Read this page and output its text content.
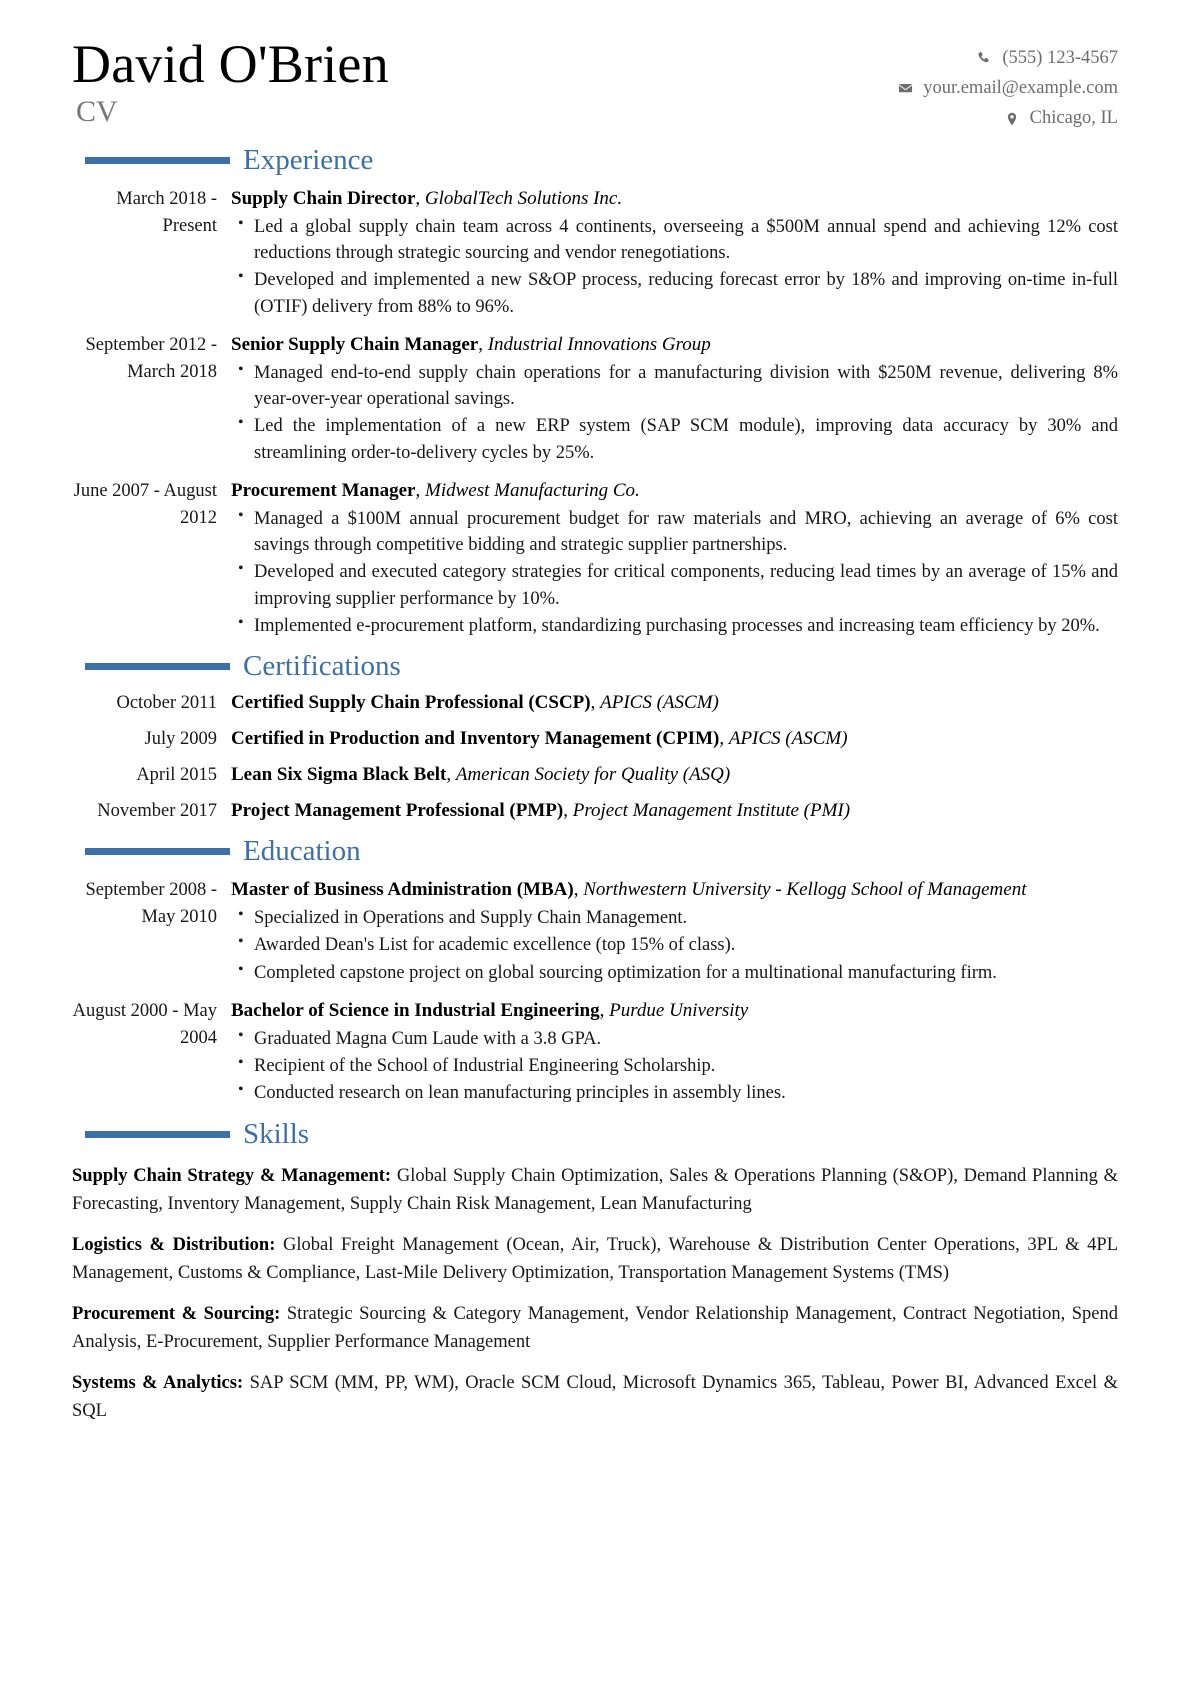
David O'Brien
CV
(555) 123-4567
your.email@example.com
Chicago, IL
Experience
March 2018 - Present
Supply Chain Director, GlobalTech Solutions Inc.
• Led a global supply chain team across 4 continents, overseeing a $500M annual spend and achieving 12% cost reductions through strategic sourcing and vendor renegotiations.
• Developed and implemented a new S&OP process, reducing forecast error by 18% and improving on-time in-full (OTIF) delivery from 88% to 96%.
September 2012 - March 2018
Senior Supply Chain Manager, Industrial Innovations Group
• Managed end-to-end supply chain operations for a manufacturing division with $250M revenue, delivering 8% year-over-year operational savings.
• Led the implementation of a new ERP system (SAP SCM module), improving data accuracy by 30% and streamlining order-to-delivery cycles by 25%.
June 2007 - August 2012
Procurement Manager, Midwest Manufacturing Co.
• Managed a $100M annual procurement budget for raw materials and MRO, achieving an average of 6% cost savings through competitive bidding and strategic supplier partnerships.
• Developed and executed category strategies for critical components, reducing lead times by an average of 15% and improving supplier performance by 10%.
• Implemented e-procurement platform, standardizing purchasing processes and increasing team efficiency by 20%.
Certifications
October 2011 Certified Supply Chain Professional (CSCP), APICS (ASCM)
July 2009 Certified in Production and Inventory Management (CPIM), APICS (ASCM)
April 2015 Lean Six Sigma Black Belt, American Society for Quality (ASQ)
November 2017 Project Management Professional (PMP), Project Management Institute (PMI)
Education
September 2008 - May 2010
Master of Business Administration (MBA), Northwestern University - Kellogg School of Management
• Specialized in Operations and Supply Chain Management.
• Awarded Dean's List for academic excellence (top 15% of class).
• Completed capstone project on global sourcing optimization for a multinational manufacturing firm.
August 2000 - May 2004
Bachelor of Science in Industrial Engineering, Purdue University
• Graduated Magna Cum Laude with a 3.8 GPA.
• Recipient of the School of Industrial Engineering Scholarship.
• Conducted research on lean manufacturing principles in assembly lines.
Skills
Supply Chain Strategy & Management: Global Supply Chain Optimization, Sales & Operations Planning (S&OP), Demand Planning & Forecasting, Inventory Management, Supply Chain Risk Management, Lean Manufacturing
Logistics & Distribution: Global Freight Management (Ocean, Air, Truck), Warehouse & Distribution Center Operations, 3PL & 4PL Management, Customs & Compliance, Last-Mile Delivery Optimization, Transportation Management Systems (TMS)
Procurement & Sourcing: Strategic Sourcing & Category Management, Vendor Relationship Management, Contract Negotiation, Spend Analysis, E-Procurement, Supplier Performance Management
Systems & Analytics: SAP SCM (MM, PP, WM), Oracle SCM Cloud, Microsoft Dynamics 365, Tableau, Power BI, Advanced Excel & SQL
